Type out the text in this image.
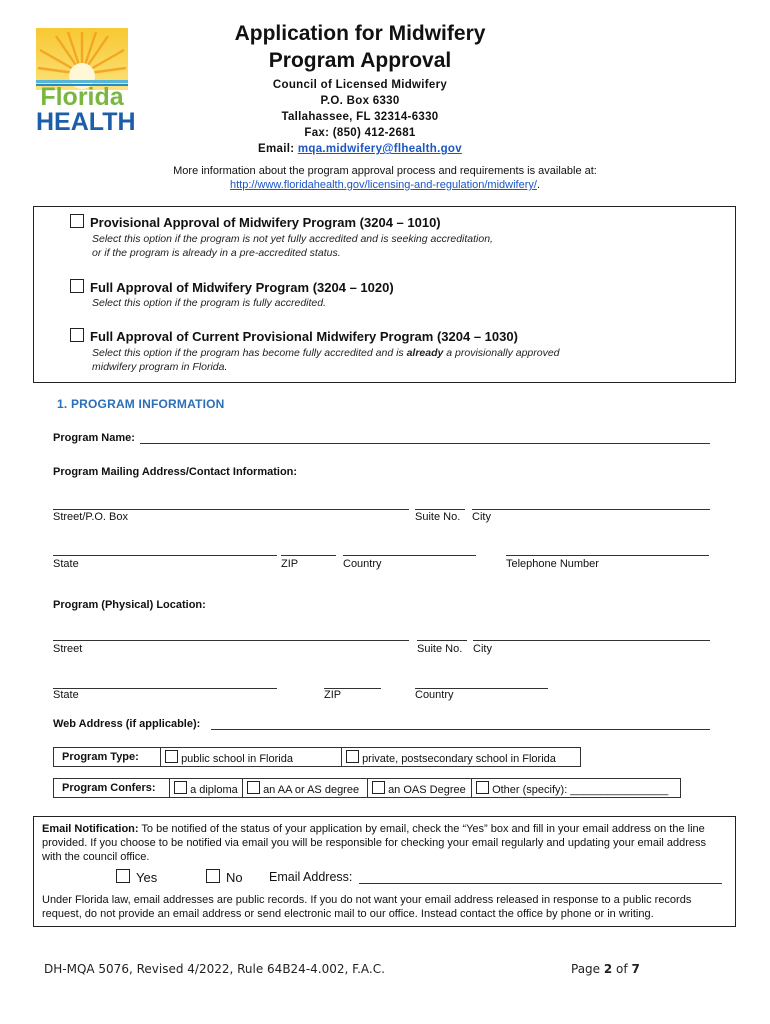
Florida
HEALTH
Application for Midwifery
Program Approval
Council of Licensed Midwifery
P.O. Box 6330
Tallahassee, FL 32314-6330
Fax: (850) 412-2681
Email: mqa.midwifery@flhealth.gov
More information about the program approval process and requirements is available at:
http://www.floridahealth.gov/licensing-and-regulation/midwifery/.
Provisional Approval of Midwifery Program (3204 – 1010)
Select this option if the program is not yet fully accredited and is seeking accreditation,
or if the program is already in a pre-accredited status.
Full Approval of Midwifery Program (3204 – 1020)
Select this option if the program is fully accredited.
Full Approval of Current Provisional Midwifery Program (3204 – 1030)
Select this option if the program has become fully accredited and is already a provisionally approved
midwifery program in Florida.
1. PROGRAM INFORMATION
Program Name:
Program Mailing Address/Contact Information:
Street/P.O. Box	Suite No. City
State	ZIP	Country	Telephone Number
Program (Physical) Location:
Street	Suite No. City
State	ZIP	Country
Web Address (if applicable):
Program Type:	public school in Florida	private, postsecondary school in Florida
Program Confers:	a diploma	an AA or AS degree	an OAS Degree	Other (specify): ________________
Email Notification: To be notified of the status of your application by email, check the “Yes” box and fill in your email address on the line provided. If you choose to be notified via email you will be responsible for checking your email regularly and updating your email address with the council office.
Yes	No Email Address:
Under Florida law, email addresses are public records. If you do not want your email address released in response to a public records request, do not provide an email address or send electronic mail to our office. Instead contact the office by phone or in writing.
DH-MQA 5076, Revised 4/2022, Rule 64B24-4.002, F.A.C.	Page 2 of 7
